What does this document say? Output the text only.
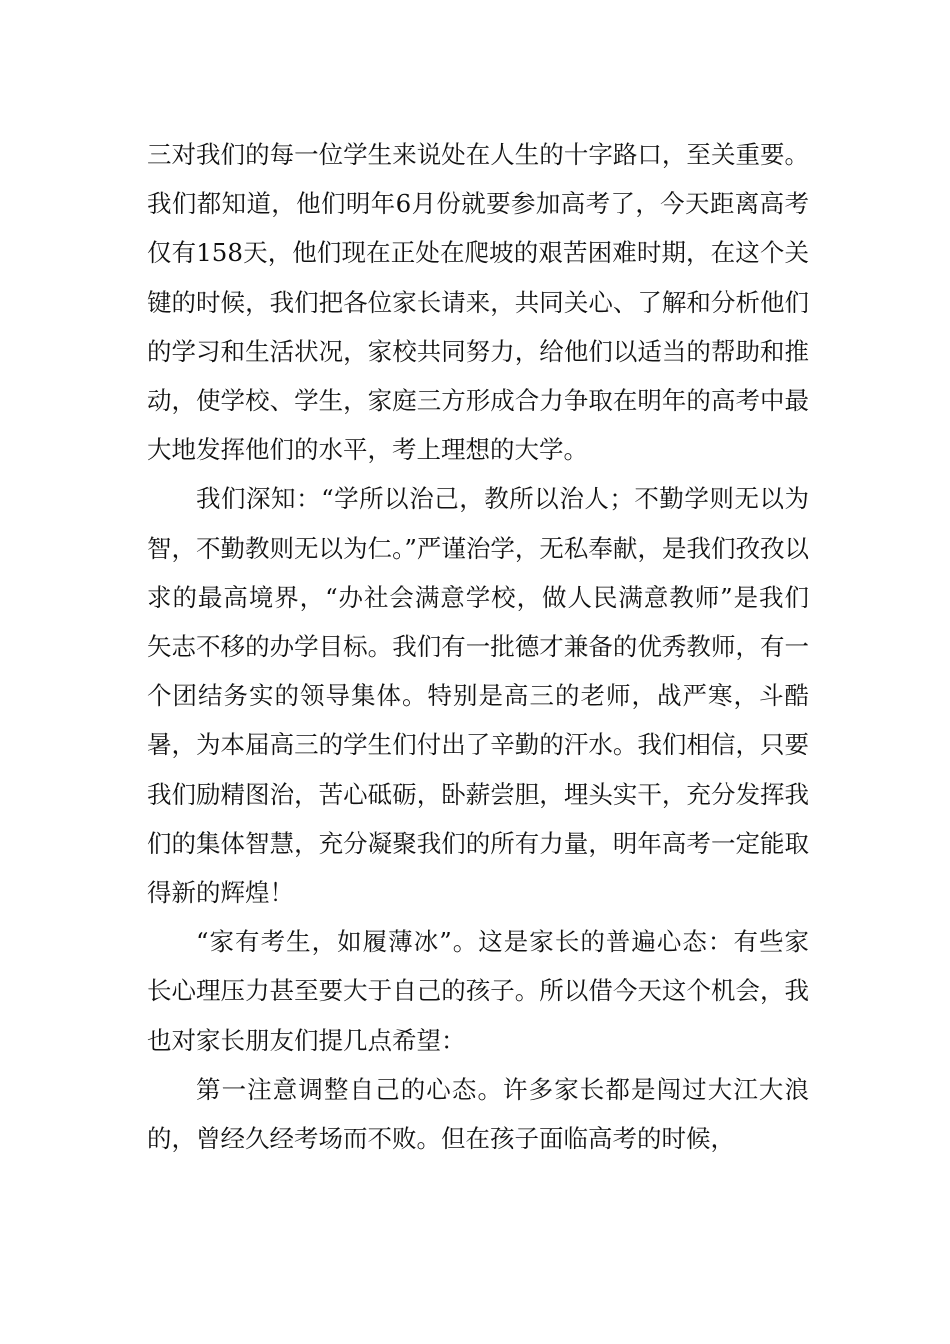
三对我们的每一位学生来说处在人生的十字路口，至关重要。我们都知道，他们明年6月份就要参加高考了，今天距离高考仅有158天，他们现在正处在爬坡的艰苦困难时期，在这个关键的时候，我们把各位家长请来，共同关心、了解和分析他们的学习和生活状况，家校共同努力，给他们以适当的帮助和推动，使学校、学生，家庭三方形成合力争取在明年的高考中最大地发挥他们的水平，考上理想的大学。

我们深知：“学所以治己，教所以治人；不勤学则无以为智，不勤教则无以为仁。”严谨治学，无私奉献，是我们孜孜以求的最高境界，“办社会满意学校，做人民满意教师”是我们矢志不移的办学目标。我们有一批德才兼备的优秀教师，有一个团结务实的领导集体。特别是高三的老师，战严寒，斗酷暑，为本届高三的学生们付出了辛勤的汗水。我们相信，只要我们励精图治，苦心砥砺，卧薪尝胆，埋头实干，充分发挥我们的集体智慧，充分凝聚我们的所有力量，明年高考一定能取得新的辉煌！

“家有考生，如履薄冰”。这是家长的普遍心态：有些家长心理压力甚至要大于自己的孩子。所以借今天这个机会，我也对家长朋友们提几点希望：

第一注意调整自己的心态。许多家长都是闯过大江大浪的，曾经久经考场而不败。但在孩子面临高考的时候，
